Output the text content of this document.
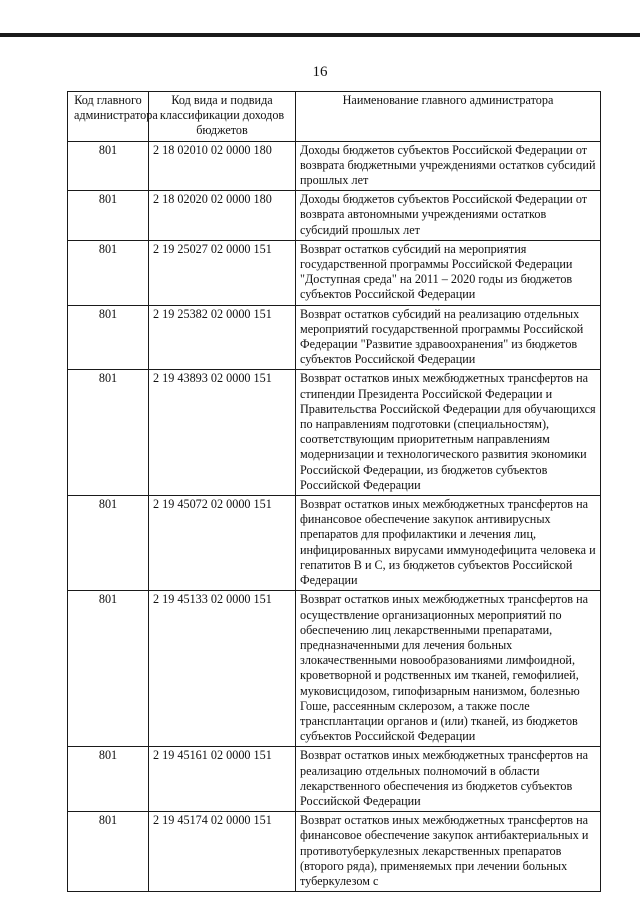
16
Код главного администратора	Код вида и подвида классификации доходов бюджетов	Наименование главного администратора
801	2 18 02010 02 0000 180	Доходы бюджетов субъектов Российской Федерации от возврата бюджетными учреждениями остатков субсидий прошлых лет
801	2 18 02020 02 0000 180	Доходы бюджетов субъектов Российской Федерации от возврата автономными учреждениями остатков субсидий прошлых лет
801	2 19 25027 02 0000 151	Возврат остатков субсидий на мероприятия государственной программы Российской Федерации "Доступная среда" на 2011 – 2020 годы из бюджетов субъектов Российской Федерации
801	2 19 25382 02 0000 151	Возврат остатков субсидий на реализацию отдельных мероприятий государственной программы Российской Федерации "Развитие здравоохранения" из бюджетов субъектов Российской Федерации
801	2 19 43893 02 0000 151	Возврат остатков иных межбюджетных трансфертов на стипендии Президента Российской Федерации и Правительства Российской Федерации для обучающихся по направлениям подготовки (специальностям), соответствующим приоритетным направлениям модернизации и технологического развития экономики Российской Федерации, из бюджетов субъектов Российской Федерации
801	2 19 45072 02 0000 151	Возврат остатков иных межбюджетных трансфертов на финансовое обеспечение закупок антивирусных препаратов для профилактики и лечения лиц, инфицированных вирусами иммунодефицита человека и гепатитов B и C, из бюджетов субъектов Российской Федерации
801	2 19 45133 02 0000 151	Возврат остатков иных межбюджетных трансфертов на осуществление организационных мероприятий по обеспечению лиц лекарственными препаратами, предназначенными для лечения больных злокачественными новообразованиями лимфоидной, кроветворной и родственных им тканей, гемофилией, муковисцидозом, гипофизарным нанизмом, болезнью Гоше, рассеянным склерозом, а также после трансплантации органов и (или) тканей, из бюджетов субъектов Российской Федерации
801	2 19 45161 02 0000 151	Возврат остатков иных межбюджетных трансфертов на реализацию отдельных полномочий в области лекарственного обеспечения из бюджетов субъектов Российской Федерации
801	2 19 45174 02 0000 151	Возврат остатков иных межбюджетных трансфертов на финансовое обеспечение закупок антибактериальных и противотуберкулезных лекарственных препаратов (второго ряда), применяемых при лечении больных туберкулезом с
